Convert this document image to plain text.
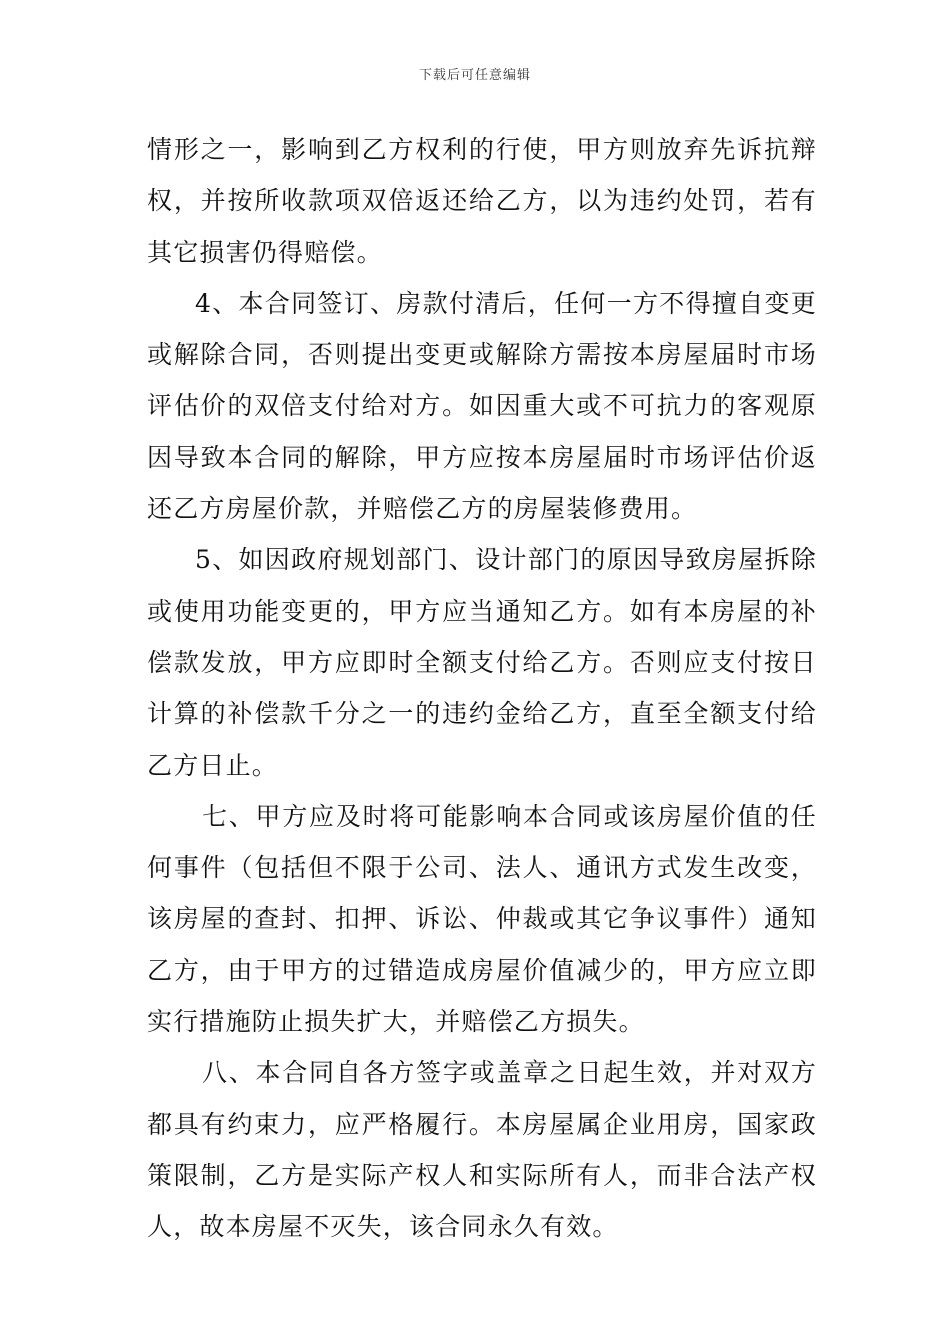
下载后可任意编辑

情形之一，影响到乙方权利的行使，甲方则放弃先诉抗辩权，并按所收款项双倍返还给乙方，以为违约处罚，若有其它损害仍得赔偿。

4、本合同签订、房款付清后，任何一方不得擅自变更或解除合同，否则提出变更或解除方需按本房屋届时市场评估价的双倍支付给对方。如因重大或不可抗力的客观原因导致本合同的解除，甲方应按本房屋届时市场评估价返还乙方房屋价款，并赔偿乙方的房屋装修费用。

5、如因政府规划部门、设计部门的原因导致房屋拆除或使用功能变更的，甲方应当通知乙方。如有本房屋的补偿款发放，甲方应即时全额支付给乙方。否则应支付按日计算的补偿款千分之一的违约金给乙方，直至全额支付给乙方日止。

七、甲方应及时将可能影响本合同或该房屋价值的任何事件（包括但不限于公司、法人、通讯方式发生改变，该房屋的查封、扣押、诉讼、仲裁或其它争议事件）通知乙方，由于甲方的过错造成房屋价值减少的，甲方应立即实行措施防止损失扩大，并赔偿乙方损失。

八、本合同自各方签字或盖章之日起生效，并对双方都具有约束力，应严格履行。本房屋属企业用房，国家政策限制，乙方是实际产权人和实际所有人，而非合法产权人，故本房屋不灭失，该合同永久有效。
